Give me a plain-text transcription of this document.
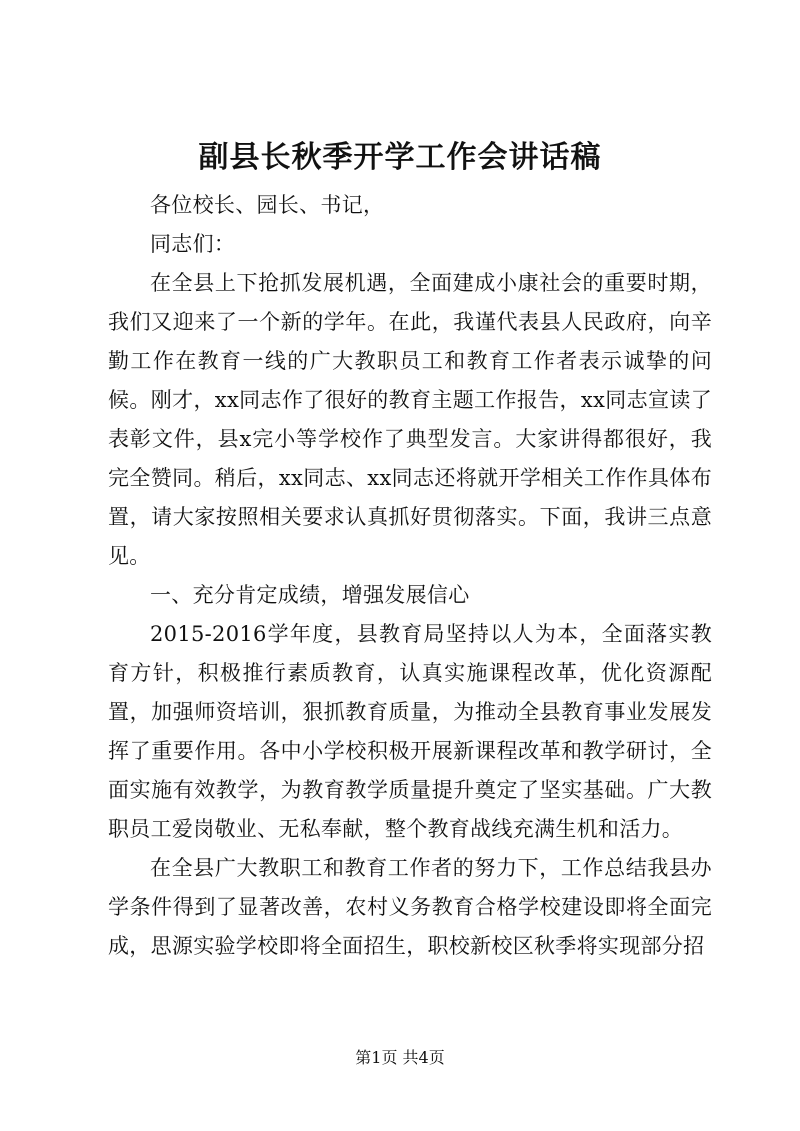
副县长秋季开学工作会讲话稿

各位校长、园长、书记，

同志们：

在全县上下抢抓发展机遇，全面建成小康社会的重要时期，我们又迎来了一个新的学年。在此，我谨代表县人民政府，向辛勤工作在教育一线的广大教职员工和教育工作者表示诚挚的问候。刚才，xx同志作了很好的教育主题工作报告，xx同志宣读了表彰文件，县x完小等学校作了典型发言。大家讲得都很好，我完全赞同。稍后，xx同志、xx同志还将就开学相关工作作具体布置，请大家按照相关要求认真抓好贯彻落实。下面，我讲三点意见。

一、充分肯定成绩，增强发展信心

2015-2016学年度，县教育局坚持以人为本，全面落实教育方针，积极推行素质教育，认真实施课程改革，优化资源配置，加强师资培训，狠抓教育质量，为推动全县教育事业发展发挥了重要作用。各中小学校积极开展新课程改革和教学研讨，全面实施有效教学，为教育教学质量提升奠定了坚实基础。广大教职员工爱岗敬业、无私奉献，整个教育战线充满生机和活力。

在全县广大教职工和教育工作者的努力下，工作总结我县办学条件得到了显著改善，农村义务教育合格学校建设即将全面完成，思源实验学校即将全面招生，职校新校区秋季将实现部分招

第1页 共4页
